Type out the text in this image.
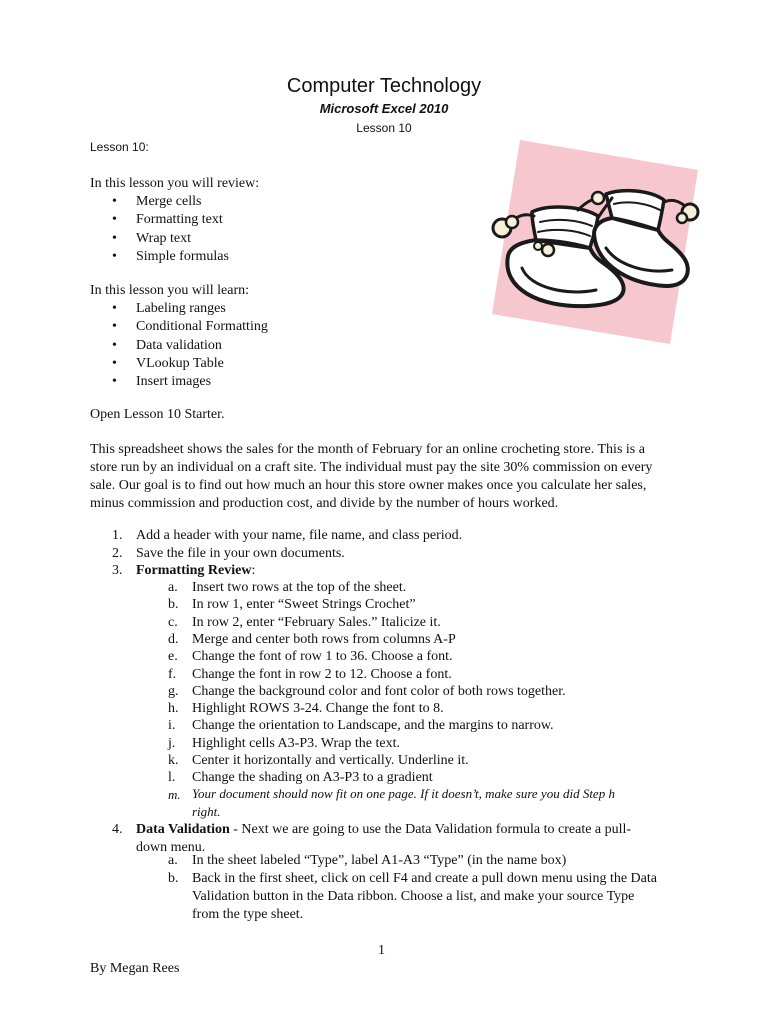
Computer Technology
Microsoft Excel 2010
Lesson 10
Lesson 10:
In this lesson you will review:
• Merge cells
• Formatting text
• Wrap text
• Simple formulas
In this lesson you will learn:
• Labeling ranges
• Conditional Formatting
• Data validation
• VLookup Table
• Insert images
Open Lesson 10 Starter.
This spreadsheet shows the sales for the month of February for an online crocheting store. This is a
store run by an individual on a craft site. The individual must pay the site 30% commission on every
sale. Our goal is to find out how much an hour this store owner makes once you calculate her sales,
minus commission and production cost, and divide by the number of hours worked.
1. Add a header with your name, file name, and class period.
2. Save the file in your own documents.
3. Formatting Review:
a. Insert two rows at the top of the sheet.
b. In row 1, enter “Sweet Strings Crochet”
c. In row 2, enter “February Sales.” Italicize it.
d. Merge and center both rows from columns A-P
e. Change the font of row 1 to 36. Choose a font.
f. Change the font in row 2 to 12. Choose a font.
g. Change the background color and font color of both rows together.
h. Highlight ROWS 3-24. Change the font to 8.
i. Change the orientation to Landscape, and the margins to narrow.
j. Highlight cells A3-P3. Wrap the text.
k. Center it horizontally and vertically. Underline it.
l. Change the shading on A3-P3 to a gradient
m. Your document should now fit on one page. If it doesn’t, make sure you did Step h
right.
4. Data Validation - Next we are going to use the Data Validation formula to create a pull-
down menu.
a. In the sheet labeled “Type”, label A1-A3 “Type” (in the name box)
b. Back in the first sheet, click on cell F4 and create a pull down menu using the Data
Validation button in the Data ribbon. Choose a list, and make your source Type
from the type sheet.
1
By Megan Rees
